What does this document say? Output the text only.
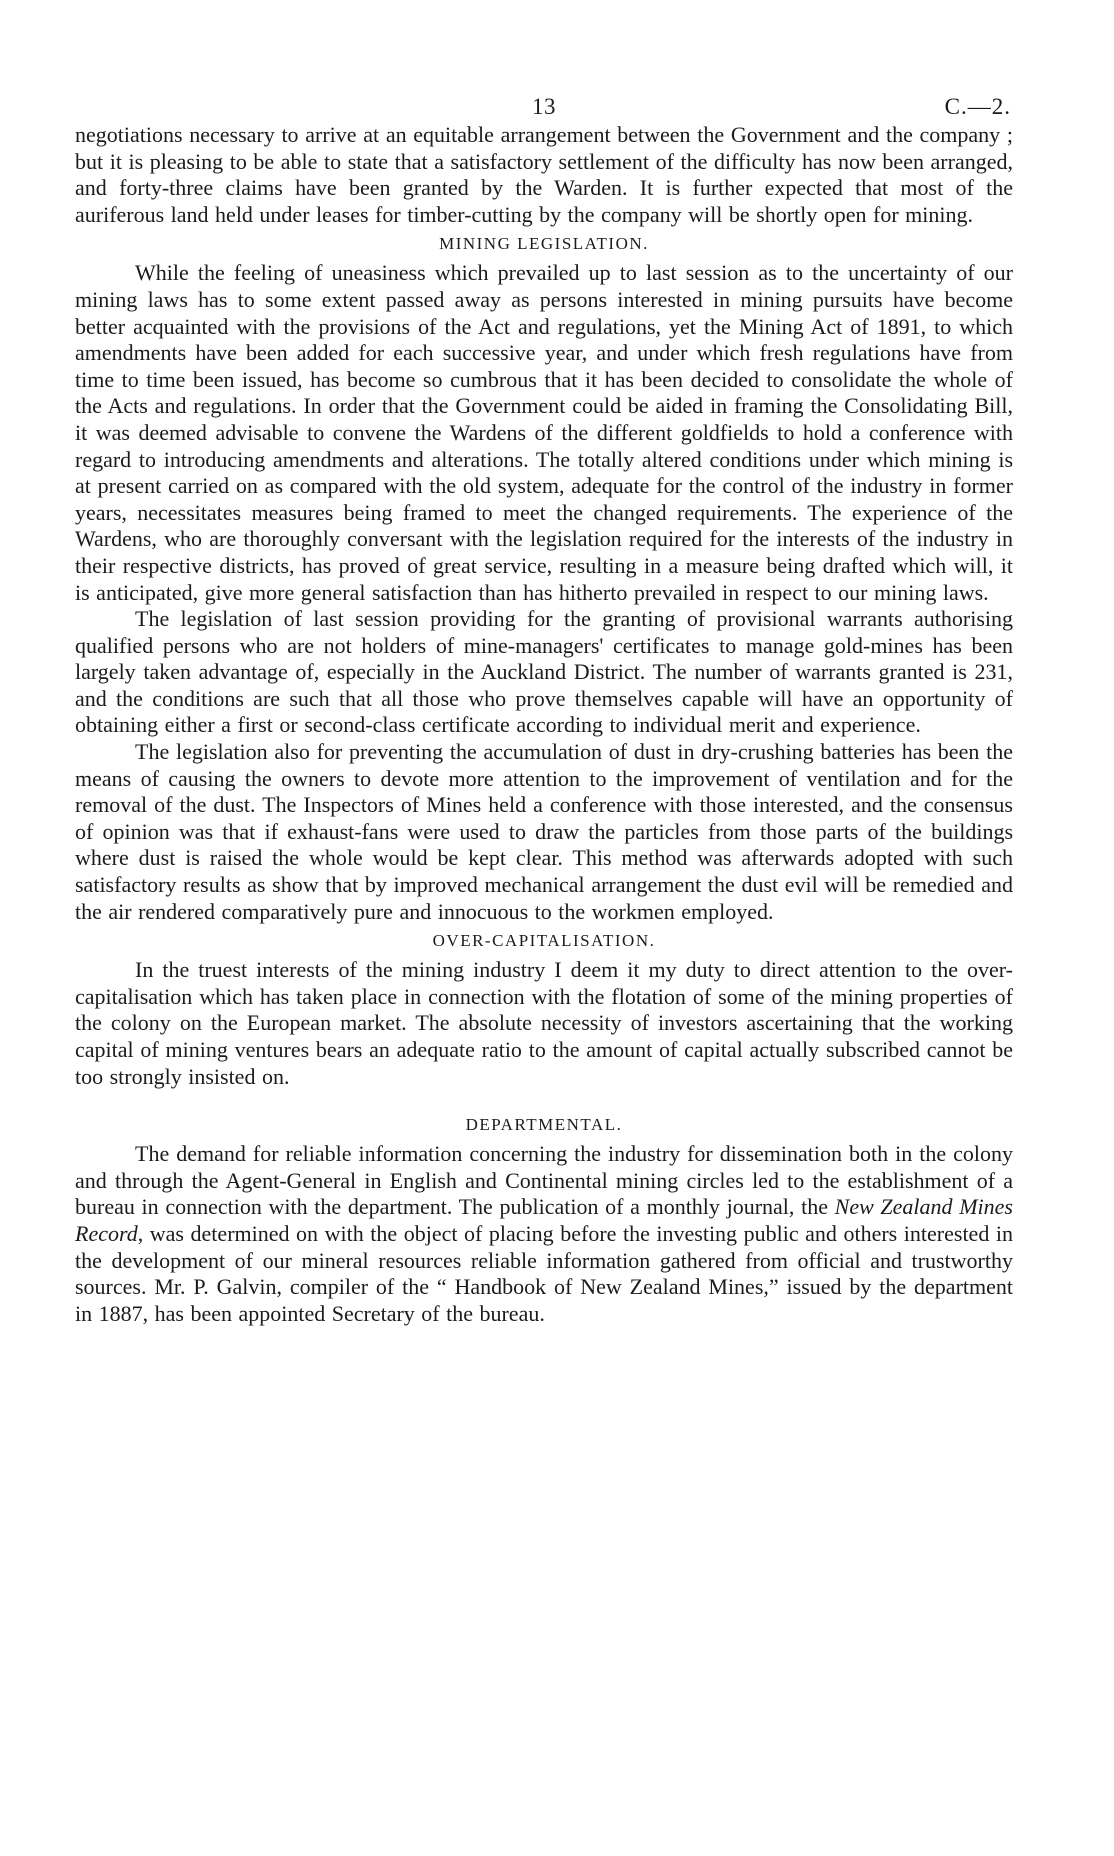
13	C.—2.

negotiations necessary to arrive at an equitable arrangement between the Government and the company ; but it is pleasing to be able to state that a satisfactory settlement of the difficulty has now been arranged, and forty-three claims have been granted by the Warden. It is further expected that most of the auriferous land held under leases for timber-cutting by the company will be shortly open for mining.

MINING LEGISLATION.

While the feeling of uneasiness which prevailed up to last session as to the uncertainty of our mining laws has to some extent passed away as persons interested in mining pursuits have become better acquainted with the provisions of the Act and regulations, yet the Mining Act of 1891, to which amendments have been added for each successive year, and under which fresh regulations have from time to time been issued, has become so cumbrous that it has been decided to consolidate the whole of the Acts and regulations. In order that the Government could be aided in framing the Consolidating Bill, it was deemed advisable to convene the Wardens of the different goldfields to hold a conference with regard to introducing amendments and alterations. The totally altered conditions under which mining is at present carried on as compared with the old system, adequate for the control of the industry in former years, necessitates measures being framed to meet the changed requirements. The experience of the Wardens, who are thoroughly conversant with the legislation required for the interests of the industry in their respective districts, has proved of great service, resulting in a measure being drafted which will, it is anticipated, give more general satisfaction than has hitherto prevailed in respect to our mining laws.

The legislation of last session providing for the granting of provisional warrants authorising qualified persons who are not holders of mine-managers' certificates to manage gold-mines has been largely taken advantage of, especially in the Auckland District. The number of warrants granted is 231, and the conditions are such that all those who prove themselves capable will have an opportunity of obtaining either a first or second-class certificate according to individual merit and experience.

The legislation also for preventing the accumulation of dust in dry-crushing batteries has been the means of causing the owners to devote more attention to the improvement of ventilation and for the removal of the dust. The Inspectors of Mines held a conference with those interested, and the consensus of opinion was that if exhaust-fans were used to draw the particles from those parts of the buildings where dust is raised the whole would be kept clear. This method was afterwards adopted with such satisfactory results as show that by improved mechanical arrangement the dust evil will be remedied and the air rendered comparatively pure and innocuous to the workmen employed.

OVER-CAPITALISATION.

In the truest interests of the mining industry I deem it my duty to direct attention to the over-capitalisation which has taken place in connection with the flotation of some of the mining properties of the colony on the European market. The absolute necessity of investors ascertaining that the working capital of mining ventures bears an adequate ratio to the amount of capital actually subscribed cannot be too strongly insisted on.

DEPARTMENTAL.

The demand for reliable information concerning the industry for dissemination both in the colony and through the Agent-General in English and Continental mining circles led to the establishment of a bureau in connection with the department. The publication of a monthly journal, the New Zealand Mines Record, was determined on with the object of placing before the investing public and others interested in the development of our mineral resources reliable information gathered from official and trustworthy sources. Mr. P. Galvin, compiler of the “ Handbook of New Zealand Mines,” issued by the department in 1887, has been appointed Secretary of the bureau.
